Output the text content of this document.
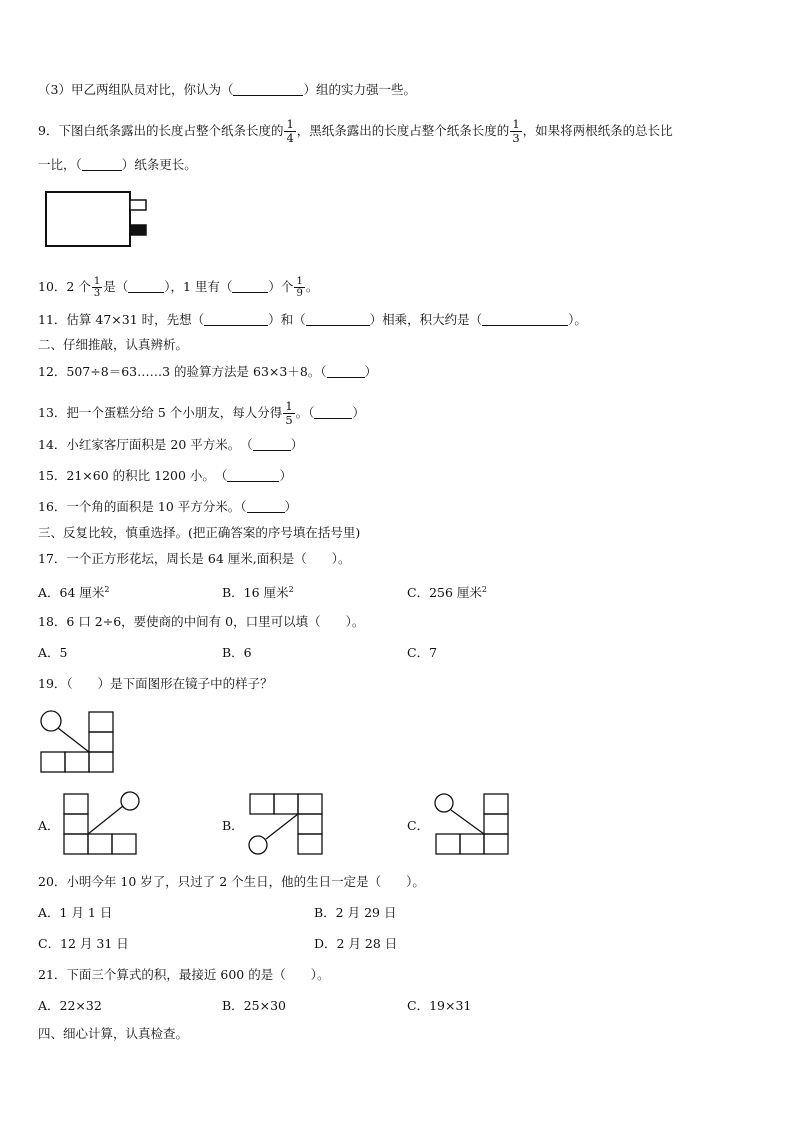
（3）甲乙两组队员对比，你认为（	）组的实力强一些。
9．下图白纸条露出的长度占整个纸条长度的 $\frac{1}{4}$ ，黑纸条露出的长度占整个纸条长度的 $\frac{1}{3}$ ，如果将两根纸条的总长比
一比，（	）纸条更长。
10．2 个 $\frac{1}{3}$ 是（	），1 里有（	）个 $\frac{1}{9}$ 。
11．估算 47×31 时，先想（	）和（	）相乘，积大约是（	）。
二、仔细推敲，认真辨析。
12．507÷8＝63……3 的验算方法是 63×3＋8。（	）
13．把一个蛋糕分给 5 个小朋友，每人分得 $\frac{1}{5}$ 。（	）
14．小红家客厅面积是 20 平方米。　（	）
15．21×60 的积比 1200 小。　（	）
16．一个角的面积是 10 平方分米。（	）
三、反复比较，慎重选择。(把正确答案的序号填在括号里)
17．一个正方形花坛，周长是 64 厘米,面积是（　　）。
A．64 厘米$^2$	B．16 厘米$^2$	C．256 厘米$^2$
18．6 口 2÷6，要使商的中间有 0，口里可以填（　　）。
A．5	B．6	C．7
19．（　　）是下面图形在镜子中的样子？
A．	B．	C．
20．小明今年 10 岁了，只过了 2 个生日，他的生日一定是（　　）。
A．1 月 1 日	B．2 月 29 日
C．12 月 31 日	D．2 月 28 日
21．下面三个算式的积，最接近 600 的是（　　）。
A．22×32	B．25×30	C．19×31
四、细心计算，认真检查。
